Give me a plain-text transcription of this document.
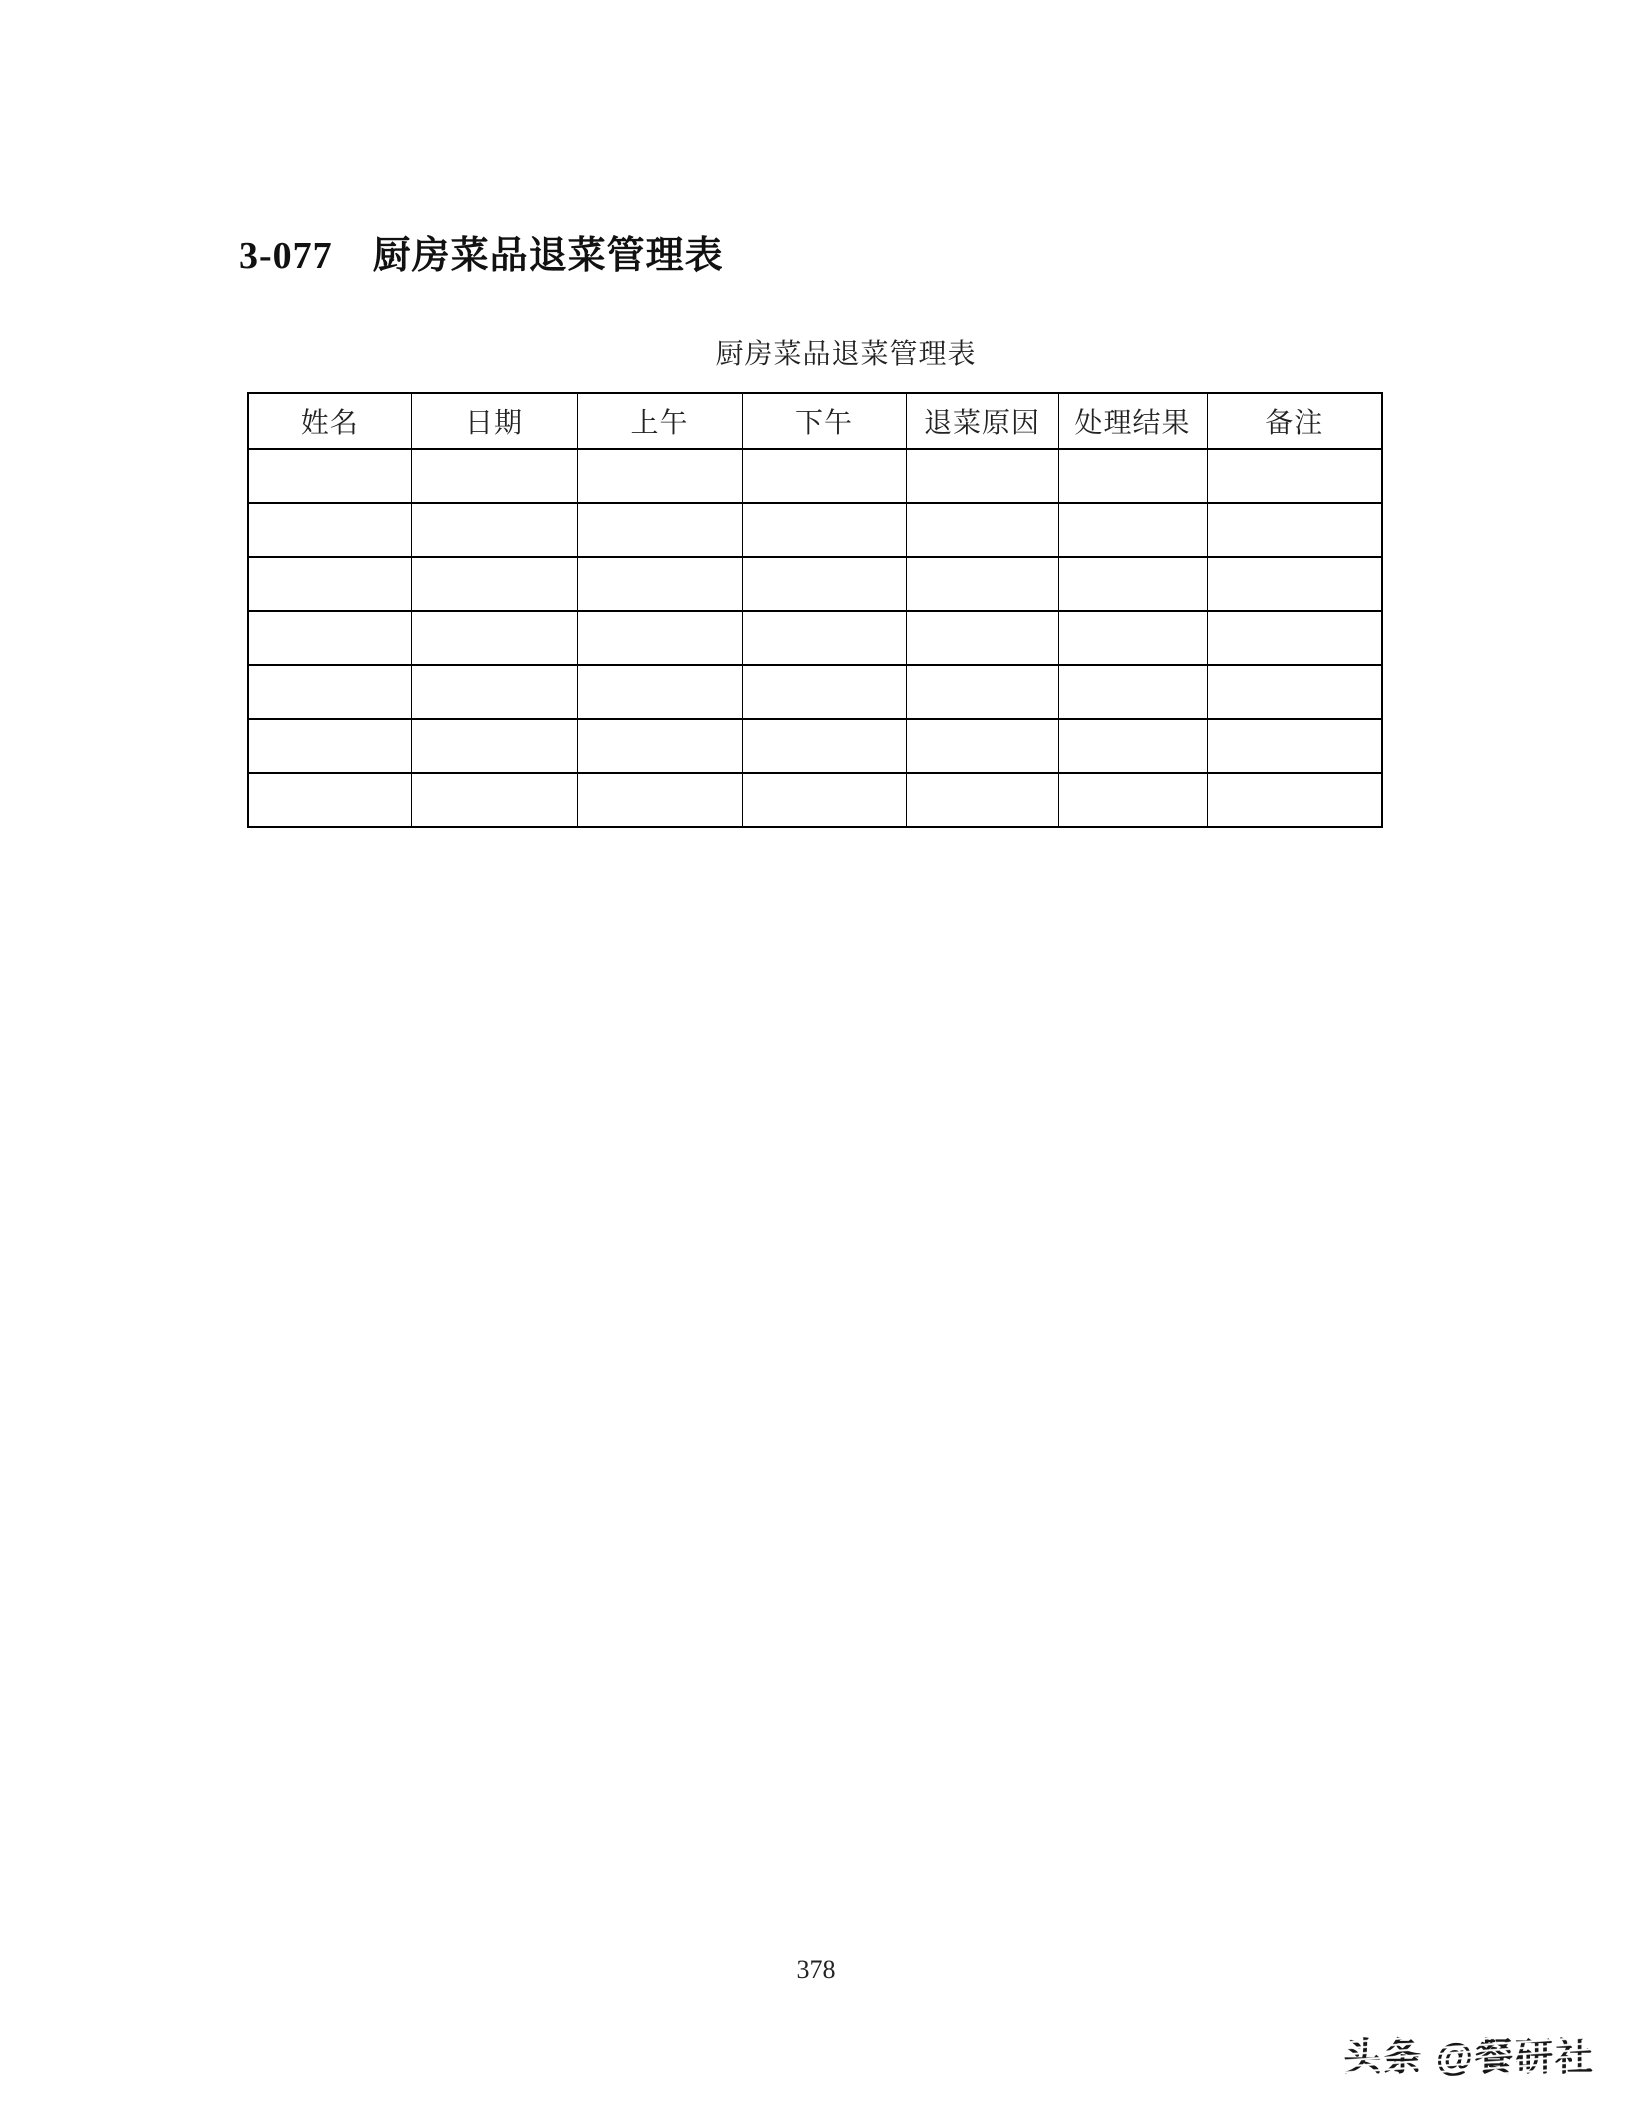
3-077 厨房菜品退菜管理表
厨房菜品退菜管理表
姓名	日期	上午	下午	退菜原因	处理结果	备注

378
头条 @餐研社
